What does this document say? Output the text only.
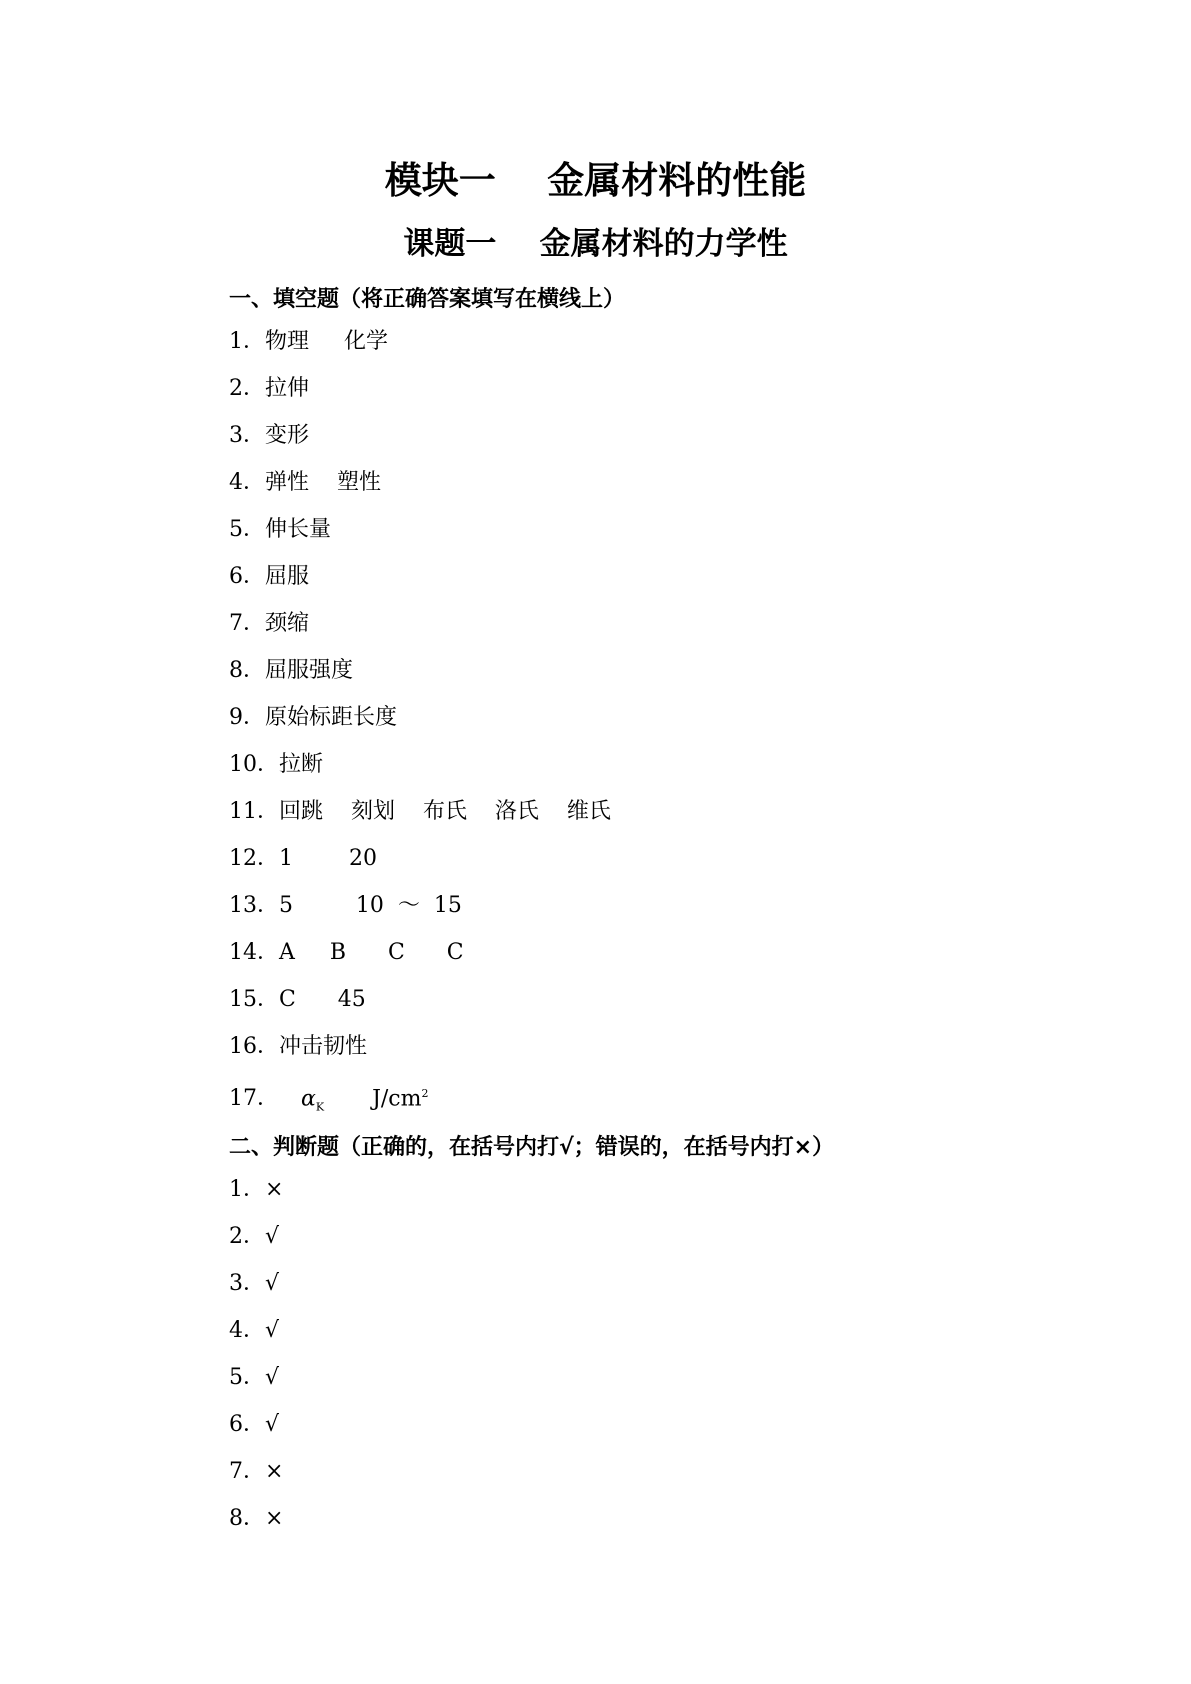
模块一    金属材料的性能
课题一    金属材料的力学性
一、填空题（将正确答案填写在横线上）
1．物理     化学
2．拉伸
3．变形
4．弹性    塑性
5．伸长量
6．屈服
7．颈缩
8．屈服强度
9．原始标距长度
10．拉断
11．回跳    刻划    布氏    洛氏    维氏
12．1        20
13．5         10  ～  15
14．A     B      C      C
15．C      45
16．冲击韧性
17． $\alpha_K$ $J/cm^2$
二、判断题（正确的，在括号内打√；错误的，在括号内打×）
1．×
2．√
3．√
4．√
5．√
6．√
7．×
8．×
